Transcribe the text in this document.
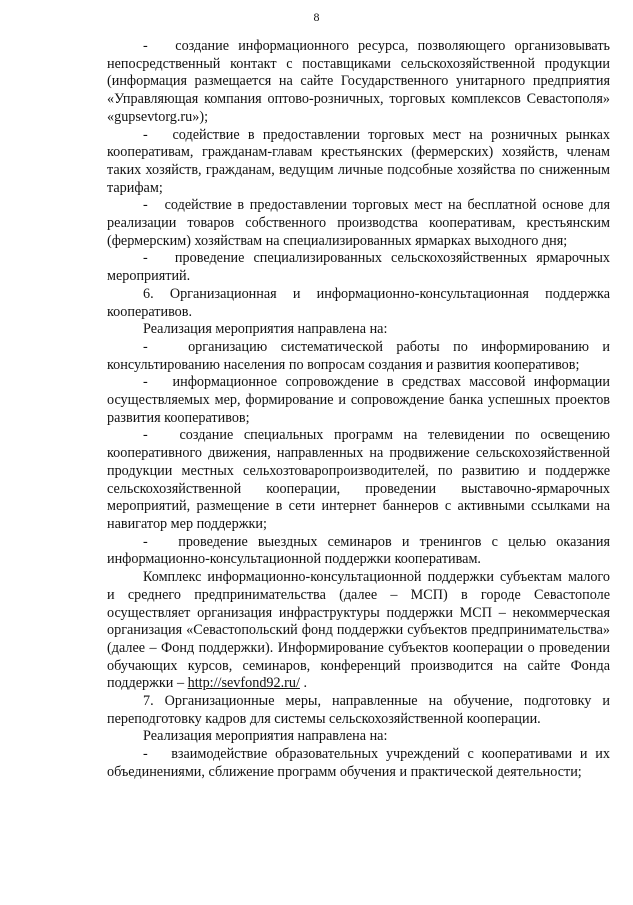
8

-   создание информационного ресурса, позволяющего организовывать непосредственный контакт с поставщиками сельскохозяйственной продукции (информация размещается на сайте Государственного унитарного предприятия «Управляющая компания оптово-розничных, торговых комплексов Севастополя» «gupsevtorg.ru»);

-   содействие в предоставлении торговых мест на розничных рынках кооперативам, гражданам-главам крестьянских (фермерских) хозяйств, членам таких хозяйств, гражданам, ведущим личные подсобные хозяйства по сниженным тарифам;

-   содействие в предоставлении торговых мест на бесплатной основе для реализации товаров собственного производства кооперативам, крестьянским (фермерским) хозяйствам на специализированных ярмарках выходного дня;

-   проведение специализированных сельскохозяйственных ярмарочных мероприятий.

6. Организационная и информационно-консультационная поддержка кооперативов.

Реализация мероприятия направлена на:

-   организацию систематической работы по информированию и консультированию населения по вопросам создания и развития кооперативов;

-   информационное сопровождение в средствах массовой информации осуществляемых мер, формирование и сопровождение банка успешных проектов развития кооперативов;

-   создание специальных программ на телевидении по освещению кооперативного движения, направленных на продвижение сельскохозяйственной продукции местных сельхозтоваропроизводителей, по развитию и поддержке сельскохозяйственной кооперации, проведении выставочно-ярмарочных мероприятий, размещение в сети интернет баннеров с активными ссылками на навигатор мер поддержки;

-   проведение выездных семинаров и тренингов с целью оказания информационно-консультационной поддержки кооперативам.

Комплекс информационно-консультационной поддержки субъектам малого и среднего предпринимательства (далее – МСП) в городе Севастополе осуществляет организация инфраструктуры поддержки МСП – некоммерческая организация «Севастопольский фонд поддержки субъектов предпринимательства» (далее – Фонд поддержки). Информирование субъектов кооперации о проведении обучающих курсов, семинаров, конференций производится на сайте Фонда поддержки – http://sevfond92.ru/ .

7. Организационные меры, направленные на обучение, подготовку и переподготовку кадров для системы сельскохозяйственной кооперации.

Реализация мероприятия направлена на:

-   взаимодействие образовательных учреждений с кооперативами и их объединениями, сближение программ обучения и практической деятельности;
